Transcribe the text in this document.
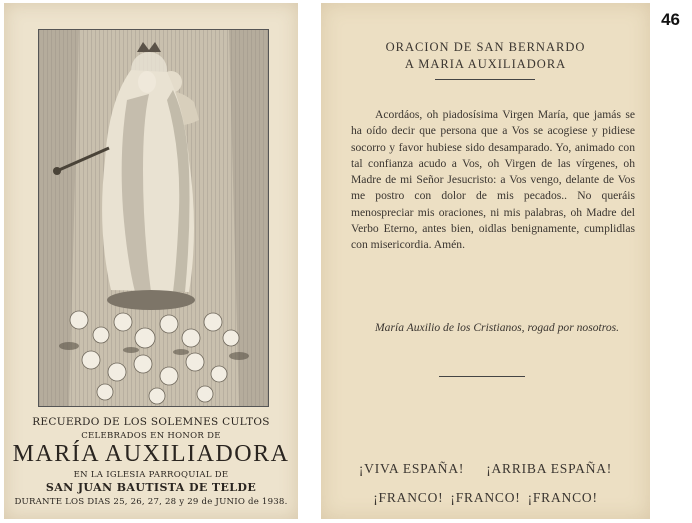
46
RECUERDO DE LOS SOLEMNES CULTOS
CELEBRADOS EN HONOR DE
MARÍA AUXILIADORA
EN LA IGLESIA PARROQUIAL DE
SAN JUAN BAUTISTA DE TELDE
DURANTE LOS DIAS 25, 26, 27, 28 y 29 de JUNIO de 1938.
ORACION DE SAN BERNARDO
A MARIA AUXILIADORA

Acordáos, oh piadosísima Virgen María, que jamás se ha oído decir que persona que a Vos se acogiese y pidiese socorro y favor hubiese sido desamparado. Yo, animado con tal confianza acudo a Vos, oh Virgen de las vírgenes, oh Madre de mi Señor Jesucristo: a Vos vengo, delante de Vos me postro con dolor de mis pecados.. No queráis menospreciar mis oraciones, ni mis palabras, oh Madre del Verbo Eterno, antes bien, oidlas benignamente, cumplidlas con misericordia. Amén.

María Auxilio de los Cristianos, rogad por nosotros.

¡VIVA ESPAÑA! ¡ARRIBA ESPAÑA!
¡FRANCO! ¡FRANCO! ¡FRANCO!
